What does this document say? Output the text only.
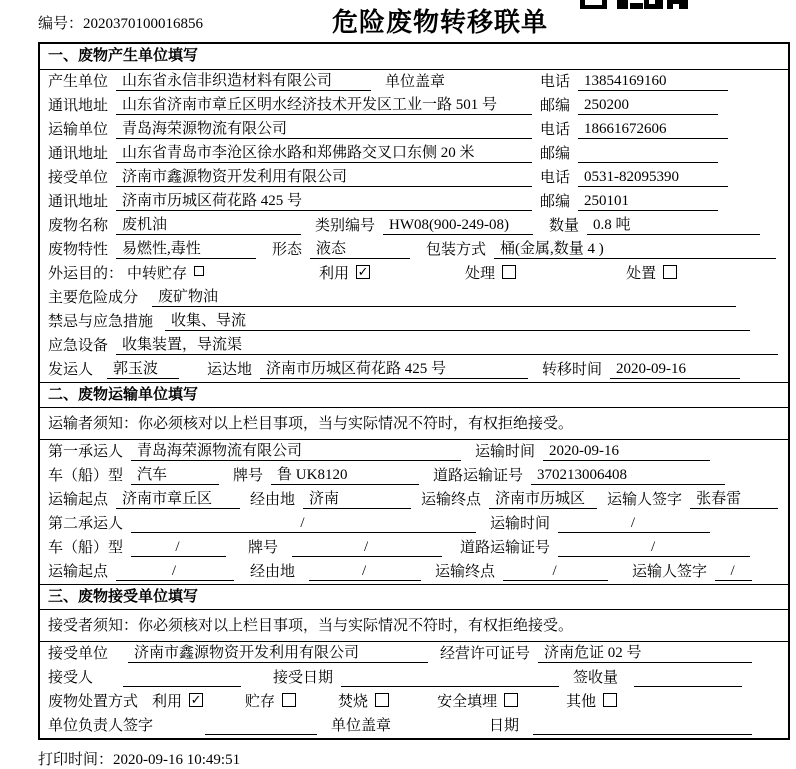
编号：2020370100016856	危险废物转移联单
一、废物产生单位填写
产生单位 山东省永信非织造材料有限公司	单位盖章	电话 13854169160
通讯地址 山东省济南市章丘区明水经济技术开发区工业一路 501 号	邮编 250200
运输单位 青岛海荣源物流有限公司	电话 18661672606
通讯地址 山东省青岛市李沧区徐水路和郑佛路交叉口东侧 20 米	邮编
接受单位 济南市鑫源物资开发利用有限公司	电话 0531-82095390
通讯地址 济南市历城区荷花路 425 号	邮编 250101
废物名称 废机油	类别编号 HW08(900-249-08)	数量 0.8 吨
废物特性 易燃性,毒性	形态 液态	包装方式 桶(金属,数量 4 )
外运目的： 中转贮存	利用 ✓	处理	处置
主要危险成分	废矿物油
禁忌与应急措施	收集、导流
应急设备 收集装置，导流渠
发运人	郭玉波	运达地 济南市历城区荷花路 425 号	转移时间 2020-09-16
二、废物运输单位填写
运输者须知：你必须核对以上栏目事项，当与实际情况不符时，有权拒绝接受。
第一承运人 青岛海荣源物流有限公司	运输时间 2020-09-16
车（船）型 汽车	牌号 鲁 UK8120	道路运输证号 370213006408
运输起点 济南市章丘区	经由地 济南	运输终点 济南市历城区	运输人签字 张春雷
第二承运人	/	运输时间	/
车（船）型	/	牌号	/	道路运输证号	/
运输起点	/	经由地	/	运输终点	/	运输人签字	/
三、废物接受单位填写
接受者须知：你必须核对以上栏目事项，当与实际情况不符时，有权拒绝接受。
接受单位	济南市鑫源物资开发利用有限公司	经营许可证号 济南危证 02 号
接受人	接受日期	签收量
废物处置方式 利用 ✓	贮存	焚烧	安全填埋	其他
单位负责人签字	单位盖章	日期
打印时间：2020-09-16 10:49:51
